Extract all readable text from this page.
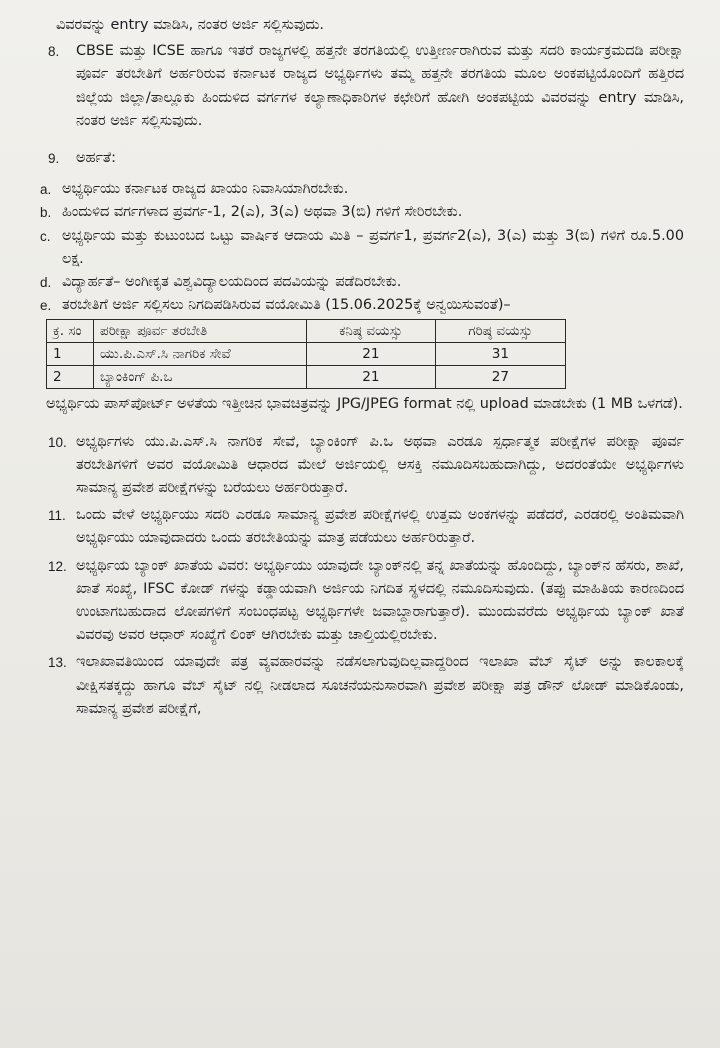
ವಿವರವನ್ನು entry ಮಾಡಿಸಿ, ನಂತರ ಅರ್ಜಿ ಸಲ್ಲಿಸುವುದು.

8.	CBSE ಮತ್ತು ICSE ಹಾಗೂ ಇತರೆ ರಾಜ್ಯಗಳಲ್ಲಿ ಹತ್ತನೇ ತರಗತಿಯಲ್ಲಿ ಉತ್ತೀರ್ಣರಾಗಿರುವ ಮತ್ತು ಸದರಿ ಕಾರ್ಯಕ್ರಮದಡಿ ಪರೀಕ್ಷಾ ಪೂರ್ವ ತರಬೇತಿಗೆ ಅರ್ಹರಿರುವ ಕರ್ನಾಟಕ ರಾಜ್ಯದ ಅಭ್ಯರ್ಥಿಗಳು ತಮ್ಮ ಹತ್ತನೇ ತರಗತಿಯ ಮೂಲ ಅಂಕಪಟ್ಟಿಯೊಂದಿಗೆ ಹತ್ತಿರದ ಜಿಲ್ಲೆಯ ಜಿಲ್ಲಾ/ತಾಲ್ಲೂಕು ಹಿಂದುಳಿದ ವರ್ಗಗಳ ಕಲ್ಯಾಣಾಧಿಕಾರಿಗಳ ಕಛೇರಿಗೆ ಹೋಗಿ ಅಂಕಪಟ್ಟಿಯ ವಿವರವನ್ನು entry ಮಾಡಿಸಿ, ನಂತರ ಅರ್ಜಿ ಸಲ್ಲಿಸುವುದು.
9.	ಅರ್ಹತೆ:
a. ಅಭ್ಯರ್ಥಿಯು ಕರ್ನಾಟಕ ರಾಜ್ಯದ ಖಾಯಂ ನಿವಾಸಿಯಾಗಿರಬೇಕು.
b. ಹಿಂದುಳಿದ ವರ್ಗಗಳಾದ ಪ್ರವರ್ಗ-1, 2(ಎ), 3(ಎ) ಅಥವಾ 3(ಬಿ) ಗಳಿಗೆ ಸೇರಿರಬೇಕು.
c. ಅಭ್ಯರ್ಥಿಯ ಮತ್ತು ಕುಟುಂಬದ ಒಟ್ಟು ವಾರ್ಷಿಕ ಆದಾಯ ಮಿತಿ – ಪ್ರವರ್ಗ1, ಪ್ರವರ್ಗ2(ಎ), 3(ಎ) ಮತ್ತು 3(ಬಿ) ಗಳಿಗೆ ರೂ.5.00 ಲಕ್ಷ.
d. ವಿದ್ಯಾರ್ಹತೆ– ಅಂಗೀಕೃತ ವಿಶ್ವವಿದ್ಯಾಲಯದಿಂದ ಪದವಿಯನ್ನು ಪಡೆದಿರಬೇಕು.
e. ತರಬೇತಿಗೆ ಅರ್ಜಿ ಸಲ್ಲಿಸಲು ನಿಗದಿಪಡಿಸಿರುವ ವಯೋಮಿತಿ (15.06.2025ಕ್ಕೆ ಅನ್ವಯಿಸುವಂತೆ)–
ಕ್ರ. ಸಂ	ಪರೀಕ್ಷಾ ಪೂರ್ವ ತರಬೇತಿ	ಕನಿಷ್ಠ ವಯಸ್ಸು	ಗರಿಷ್ಠ ವಯಸ್ಸು
1	ಯು.ಪಿ.ಎಸ್.ಸಿ ನಾಗರಿಕ ಸೇವೆ	21	31
2	ಬ್ಯಾಂಕಿಂಗ್ ಪಿ.ಒ	21	27

ಅಭ್ಯರ್ಥಿಯ ಪಾಸ್‌ಪೋರ್ಟ್ ಅಳತೆಯ ಇತ್ತೀಚಿನ ಭಾವಚಿತ್ರವನ್ನು JPG/JPEG format ನಲ್ಲಿ upload ಮಾಡಬೇಕು (1 MB ಒಳಗಡೆ).

10. ಅಭ್ಯರ್ಥಿಗಳು ಯು.ಪಿ.ಎಸ್.ಸಿ ನಾಗರಿಕ ಸೇವೆ, ಬ್ಯಾಂಕಿಂಗ್ ಪಿ.ಒ ಅಥವಾ ಎರಡೂ ಸ್ಪರ್ಧಾತ್ಮಕ ಪರೀಕ್ಷೆಗಳ ಪರೀಕ್ಷಾ ಪೂರ್ವ ತರಬೇತಿಗಳಿಗೆ ಅವರ ವಯೋಮಿತಿ ಆಧಾರದ ಮೇಲೆ ಅರ್ಜಿಯಲ್ಲಿ ಆಸಕ್ತಿ ನಮೂದಿಸಬಹುದಾಗಿದ್ದು, ಅದರಂತೆಯೇ ಅಭ್ಯರ್ಥಿಗಳು ಸಾಮಾನ್ಯ ಪ್ರವೇಶ ಪರೀಕ್ಷೆಗಳನ್ನು ಬರೆಯಲು ಅರ್ಹರಿರುತ್ತಾರೆ.
11. ಒಂದು ವೇಳೆ ಅಭ್ಯರ್ಥಿಯು ಸದರಿ ಎರಡೂ ಸಾಮಾನ್ಯ ಪ್ರವೇಶ ಪರೀಕ್ಷೆಗಳಲ್ಲಿ ಉತ್ತಮ ಅಂಕಗಳನ್ನು ಪಡೆದರೆ, ಎರಡರಲ್ಲಿ ಅಂತಿಮವಾಗಿ ಅಭ್ಯರ್ಥಿಯು ಯಾವುದಾದರು ಒಂದು ತರಬೇತಿಯನ್ನು ಮಾತ್ರ ಪಡೆಯಲು ಅರ್ಹರಿರುತ್ತಾರೆ.
12. ಅಭ್ಯರ್ಥಿಯ ಬ್ಯಾಂಕ್ ಖಾತೆಯ ವಿವರ: ಅಭ್ಯರ್ಥಿಯು ಯಾವುದೇ ಬ್ಯಾಂಕ್‌ನಲ್ಲಿ ತನ್ನ ಖಾತೆಯನ್ನು ಹೊಂದಿದ್ದು, ಬ್ಯಾಂಕ್‌ನ ಹೆಸರು, ಶಾಖೆ, ಖಾತೆ ಸಂಖ್ಯೆ, IFSC ಕೋಡ್ ಗಳನ್ನು ಕಡ್ಡಾಯವಾಗಿ ಅರ್ಜಿಯ ನಿಗದಿತ ಸ್ಥಳದಲ್ಲಿ ನಮೂದಿಸುವುದು. (ತಪ್ಪು ಮಾಹಿತಿಯ ಕಾರಣದಿಂದ ಉಂಟಾಗಬಹುದಾದ ಲೋಪಗಳಿಗೆ ಸಂಬಂಧಪಟ್ಟ ಅಭ್ಯರ್ಥಿಗಳೇ ಜವಾಬ್ದಾರಾಗುತ್ತಾರೆ). ಮುಂದುವರೆದು ಅಭ್ಯರ್ಥಿಯ ಬ್ಯಾಂಕ್ ಖಾತೆ ವಿವರವು ಅವರ ಆಧಾರ್ ಸಂಖ್ಯೆಗೆ ಲಿಂಕ್ ಆಗಿರಬೇಕು ಮತ್ತು ಚಾಲ್ತಿಯಲ್ಲಿರಬೇಕು.
13. ಇಲಾಖಾವತಿಯಿಂದ ಯಾವುದೇ ಪತ್ರ ವ್ಯವಹಾರವನ್ನು ನಡೆಸಲಾಗುವುದಿಲ್ಲವಾದ್ದರಿಂದ ಇಲಾಖಾ ವೆಬ್ ಸೈಟ್ ಅನ್ನು ಕಾಲಕಾಲಕ್ಕೆ ವೀಕ್ಷಿಸತಕ್ಕದ್ದು ಹಾಗೂ ವೆಬ್ ಸೈಟ್ ನಲ್ಲಿ ನೀಡಲಾದ ಸೂಚನೆಯನುಸಾರವಾಗಿ ಪ್ರವೇಶ ಪರೀಕ್ಷಾ ಪತ್ರ ಡೌನ್ ಲೋಡ್ ಮಾಡಿಕೊಂಡು, ಸಾಮಾನ್ಯ ಪ್ರವೇಶ ಪರೀಕ್ಷೆಗೆ,
